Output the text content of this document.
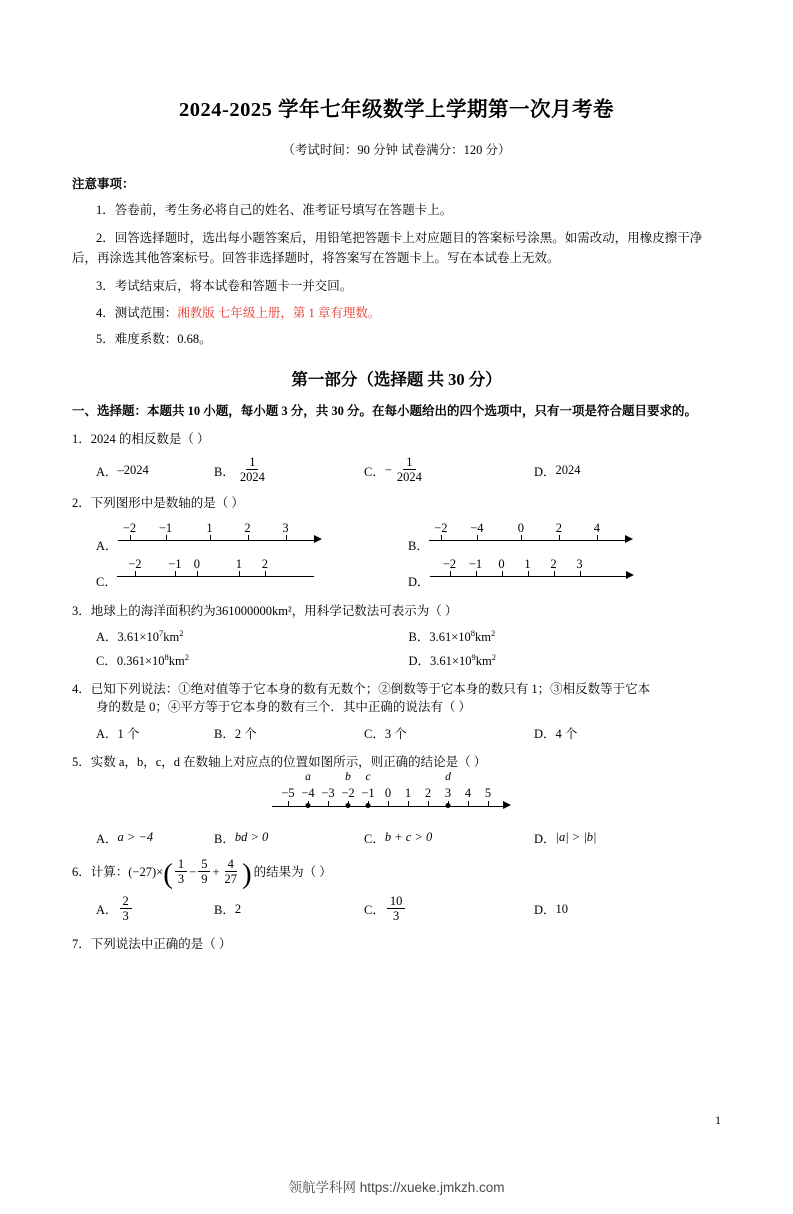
2024-2025 学年七年级数学上学期第一次月考卷
（考试时间：90 分钟 试卷满分：120 分）
注意事项：
1．答卷前，考生务必将自己的姓名、准考证号填写在答题卡上。
2．回答选择题时，选出每小题答案后，用铅笔把答题卡上对应题目的答案标号涂黑。如需改动，用橡皮擦干净后，再涂选其他答案标号。回答非选择题时，将答案写在答题卡上。写在本试卷上无效。
3．考试结束后，将本试卷和答题卡一并交回。
4．测试范围：湘教版 七年级上册，第 1 章有理数。
5．难度系数：0.68。
第一部分（选择题 共 30 分）
一、选择题：本题共 10 小题，每小题 3 分，共 30 分。在每小题给出的四个选项中，只有一项是符合题目要求的。
1．2024 的相反数是（ ）
A． –2024	B． $\frac{1}{2024}$	C． − $\frac{1}{2024}$	D． 2024
2．下列图形中是数轴的是（ ）
A．
−2 −1	1	2	3
B．
−2 −4	0	2	4
C．
−2 −1 0	1 2
D．
−2 −1 0 1 2 3
3．地球上的海洋面积约为361000000km²，用科学记数法可表示为（ ）
A．$3.61\times 10^7km^2$	B．$3.61\times 10^8km^2$
C．$0.361\times 10^8km^2$	D．$3.61\times 10^9km^2$
4．已知下列说法：①绝对值等于它本身的数有无数个；②倒数等于它本身的数只有 1；③相反数等于它本
身的数是 0；④平方等于它本身的数有三个．其中正确的说法有（ ）
A． 1 个	B． 2 个	C． 3 个	D． 4 个
5．实数 a，b，c，d 在数轴上对应点的位置如图所示，则正确的结论是（ ）
−5 −4 −3 −2 −1 0 1 2 3 4 5
a	b c	d
A． a > −4	B． bd > 0	C． b + c > 0	D． |a| > |b|
6． 计算：(−27)× ( $\frac{1}{3} - \frac{5}{9} + \frac{4}{27}$ ) 的结果为（ ）
A． $\frac{2}{3}$	B． 2	C． $\frac{10}{3}$	D． 10
7．下列说法中正确的是（ ）
1
领航学科网 https://xueke.jmkzh.com
